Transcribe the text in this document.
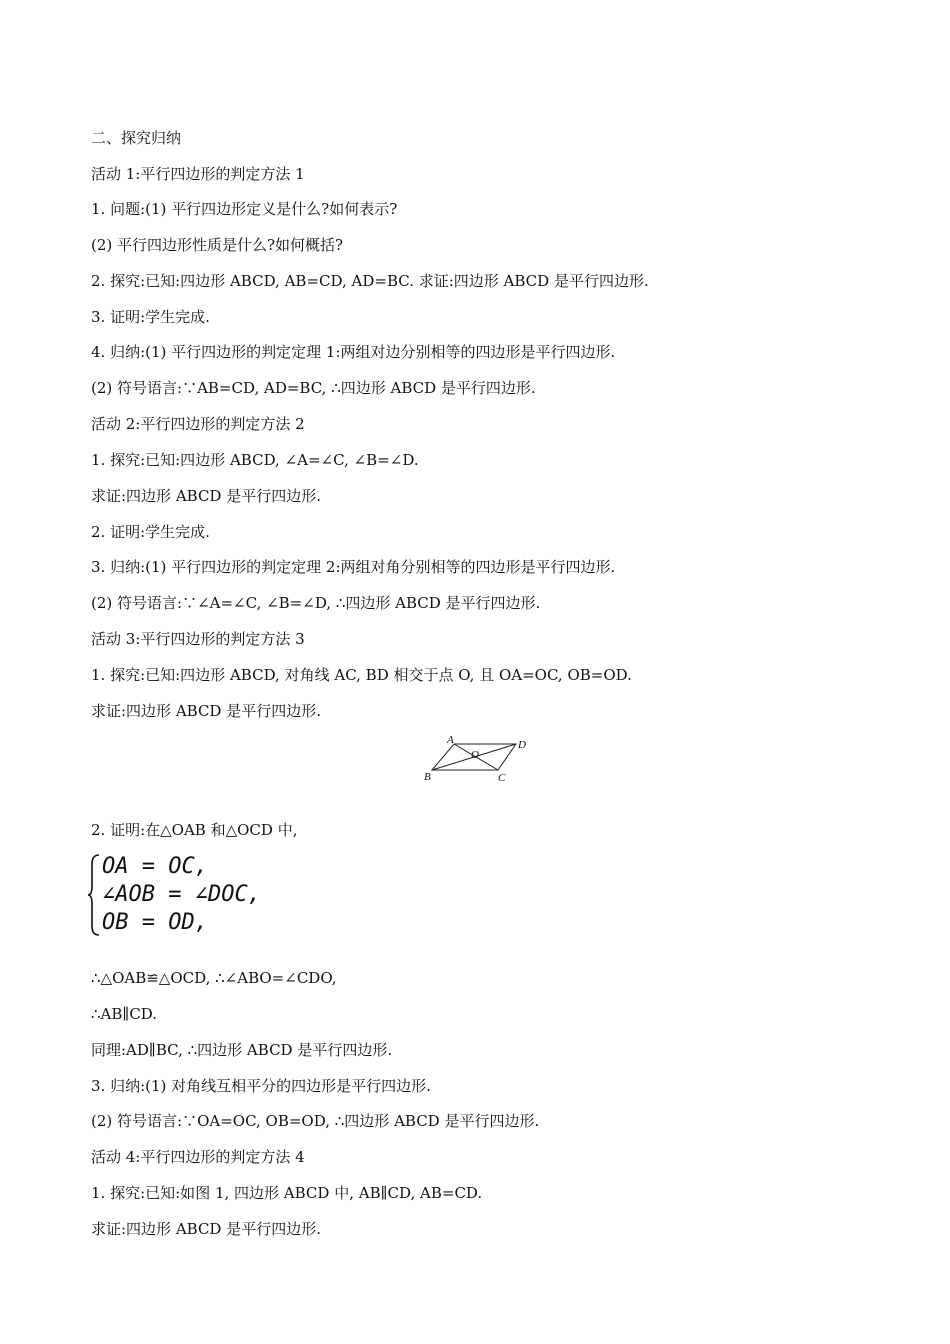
二、探究归纳
活动 1:平行四边形的判定方法 1
1. 问题:(1) 平行四边形定义是什么?如何表示?
(2) 平行四边形性质是什么?如何概括?
2. 探究:已知:四边形 ABCD, AB=CD, AD=BC. 求证:四边形 ABCD 是平行四边形.
3. 证明:学生完成.
4. 归纳:(1) 平行四边形的判定定理 1:两组对边分别相等的四边形是平行四边形.
(2) 符号语言:∵AB=CD, AD=BC, ∴四边形 ABCD 是平行四边形.
活动 2:平行四边形的判定方法 2
1. 探究:已知:四边形 ABCD, ∠A=∠C, ∠B=∠D.
求证:四边形 ABCD 是平行四边形.
2. 证明:学生完成.
3. 归纳:(1) 平行四边形的判定定理 2:两组对角分别相等的四边形是平行四边形.
(2) 符号语言:∵∠A=∠C, ∠B=∠D, ∴四边形 ABCD 是平行四边形.
活动 3:平行四边形的判定方法 3
1. 探究:已知:四边形 ABCD, 对角线 AC, BD 相交于点 O, 且 OA=OC, OB=OD.
求证:四边形 ABCD 是平行四边形.
A	D
O
B	C
2. 证明:在△OAB 和△OCD 中,
OA = OC,
∠AOB = ∠DOC,
OB = OD,
∴△OAB≌△OCD, ∴∠ABO=∠CDO,
∴AB∥CD.
同理:AD∥BC, ∴四边形 ABCD 是平行四边形.
3. 归纳:(1) 对角线互相平分的四边形是平行四边形.
(2) 符号语言:∵OA=OC, OB=OD, ∴四边形 ABCD 是平行四边形.
活动 4:平行四边形的判定方法 4
1. 探究:已知:如图 1, 四边形 ABCD 中, AB∥CD, AB=CD.
求证:四边形 ABCD 是平行四边形.
